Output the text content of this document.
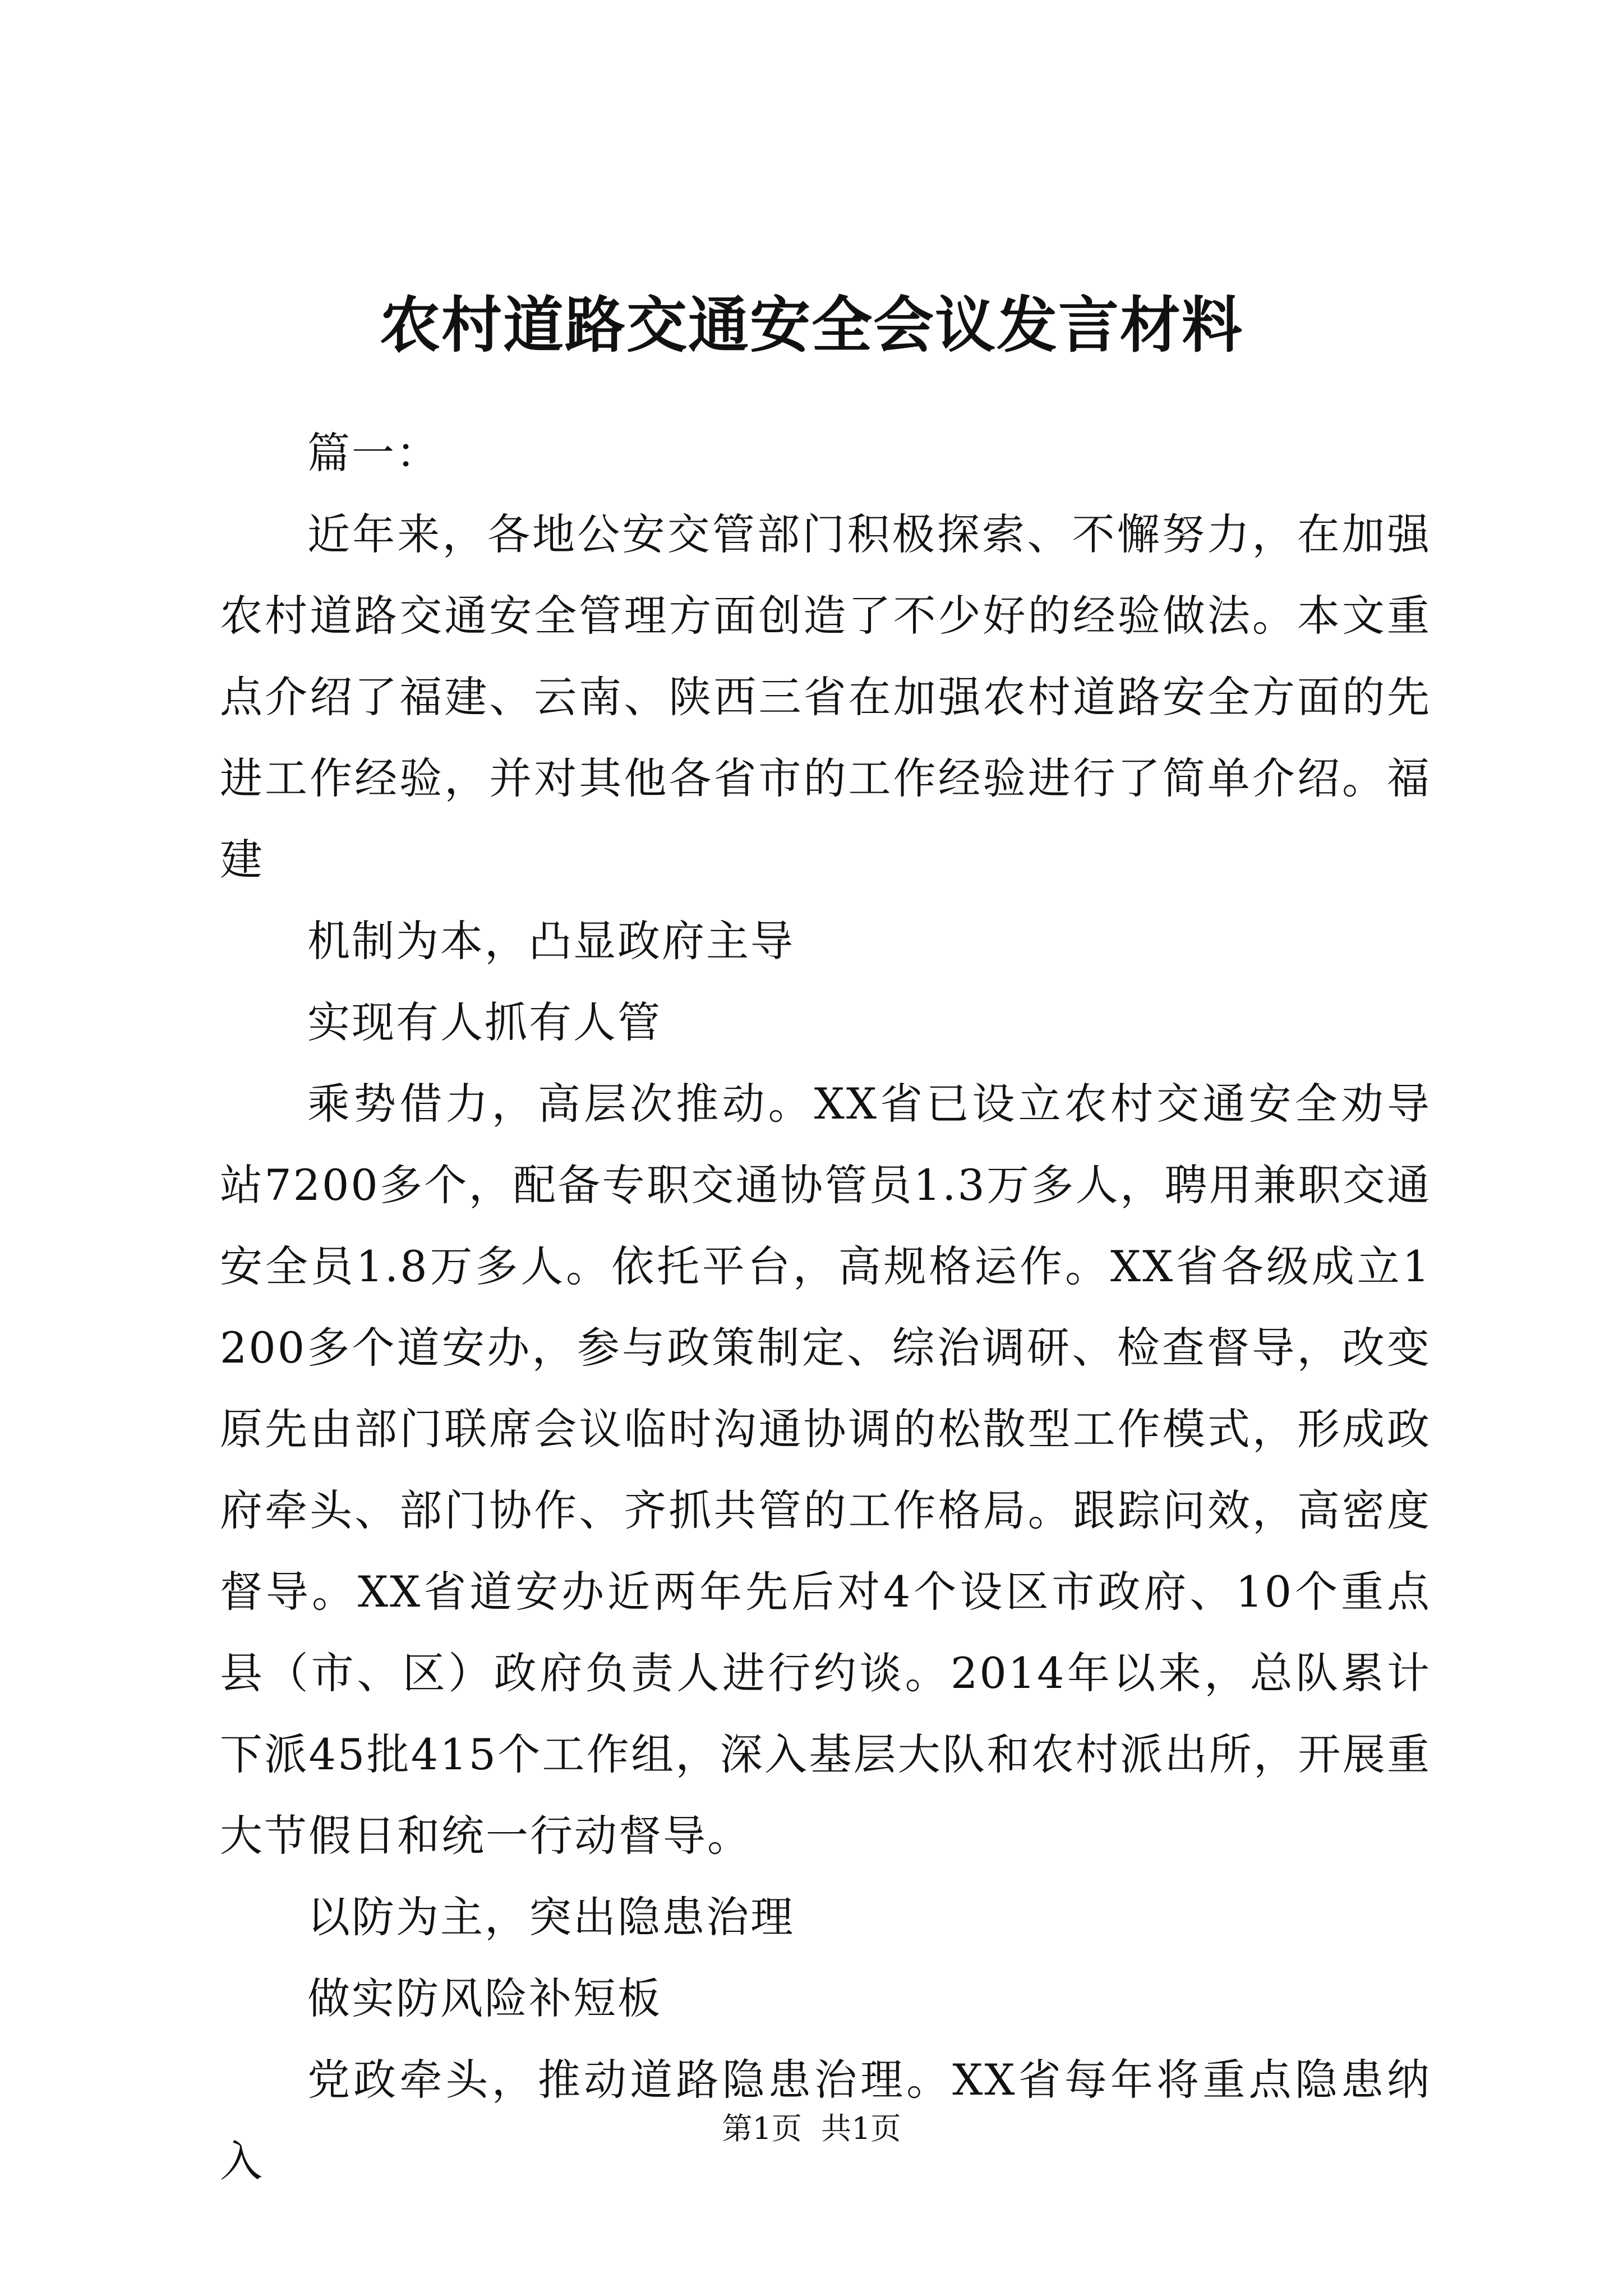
农村道路交通安全会议发言材料

篇一：

近年来，各地公安交管部门积极探索、不懈努力，在加强农村道路交通安全管理方面创造了不少好的经验做法。本文重点介绍了福建、云南、陕西三省在加强农村道路安全方面的先进工作经验，并对其他各省市的工作经验进行了简单介绍。福建

机制为本，凸显政府主导

实现有人抓有人管

乘势借力，高层次推动。XX省已设立农村交通安全劝导站7200多个，配备专职交通协管员1.3万多人，聘用兼职交通安全员1.8万多人。依托平台，高规格运作。XX省各级成立1200多个道安办，参与政策制定、综治调研、检查督导，改变原先由部门联席会议临时沟通协调的松散型工作模式，形成政府牵头、部门协作、齐抓共管的工作格局。跟踪问效，高密度督导。XX省道安办近两年先后对4个设区市政府、10个重点县（市、区）政府负责人进行约谈。2014年以来，总队累计下派45批415个工作组，深入基层大队和农村派出所，开展重大节假日和统一行动督导。

以防为主，突出隐患治理

做实防风险补短板

党政牵头，推动道路隐患治理。XX省每年将重点隐患纳入

第1页 共1页
